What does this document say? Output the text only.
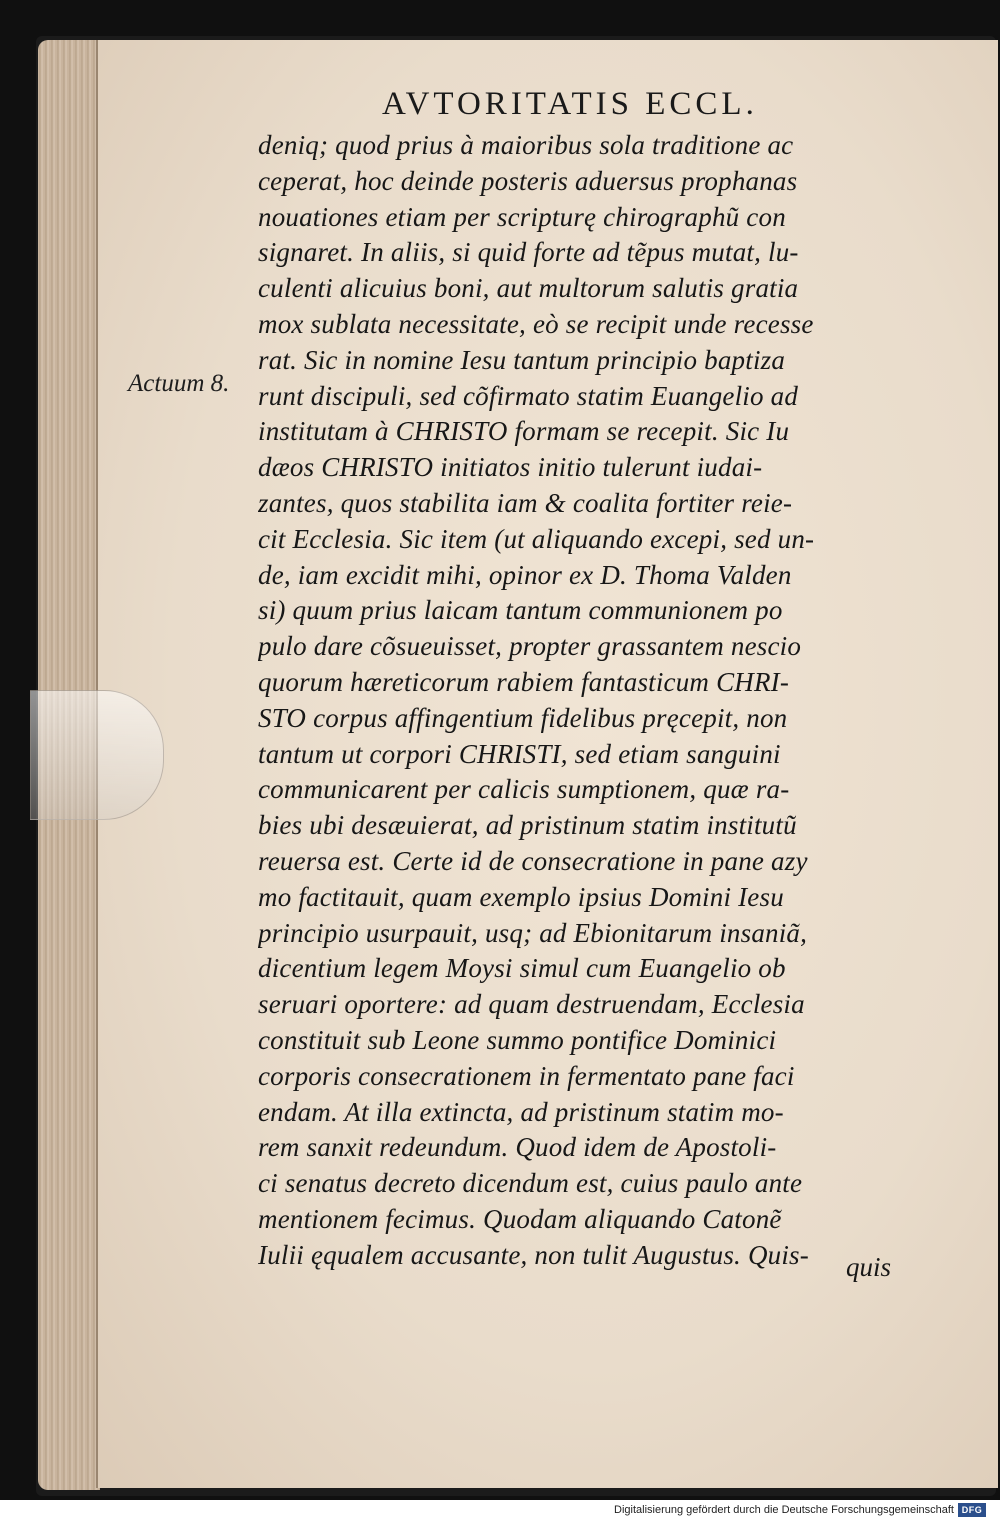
AVTORITATIS ECCL.
Actuum 8.
deniq; quod prius à maioribus sola traditione ac
ceperat, hoc deinde posteris aduersus prophanas
nouationes etiam per scripturę chirographũ con
signaret. In aliis, si quid forte ad tẽpus mutat, lu-
culenti alicuius boni, aut multorum salutis gratia
mox sublata necessitate, eò se recipit unde recesse
rat. Sic in nomine Iesu tantum principio baptiza
runt discipuli, sed cõfirmato statim Euangelio ad
institutam à CHRISTO formam se recepit. Sic Iu
dæos CHRISTO initiatos initio tulerunt iudai-
zantes, quos stabilita iam & coalita fortiter reie-
cit Ecclesia. Sic item (ut aliquando excepi, sed un-
de, iam excidit mihi, opinor ex D. Thoma Valden
si) quum prius laicam tantum communionem po
pulo dare cõsueuisset, propter grassantem nescio
quorum hæreticorum rabiem fantasticum CHRI-
STO corpus affingentium fidelibus pręcepit, non
tantum ut corpori CHRISTI, sed etiam sanguini
communicarent per calicis sumptionem, quæ ra-
bies ubi desæuierat, ad pristinum statim institutũ
reuersa est. Certe id de consecratione in pane azy
mo factitauit, quam exemplo ipsius Domini Iesu
principio usurpauit, usq; ad Ebionitarum insaniã,
dicentium legem Moysi simul cum Euangelio ob
seruari oportere: ad quam destruendam, Ecclesia
constituit sub Leone summo pontifice Dominici
corporis consecrationem in fermentato pane faci
endam. At illa extincta, ad pristinum statim mo-
rem sanxit redeundum. Quod idem de Apostoli-
ci senatus decreto dicendum est, cuius paulo ante
mentionem fecimus. Quodam aliquando Catonẽ
Iulii ęqualem accusante, non tulit Augustus. Quis-	quis
Digitalisierung gefördert durch die Deutsche Forschungsgemeinschaft DFG
